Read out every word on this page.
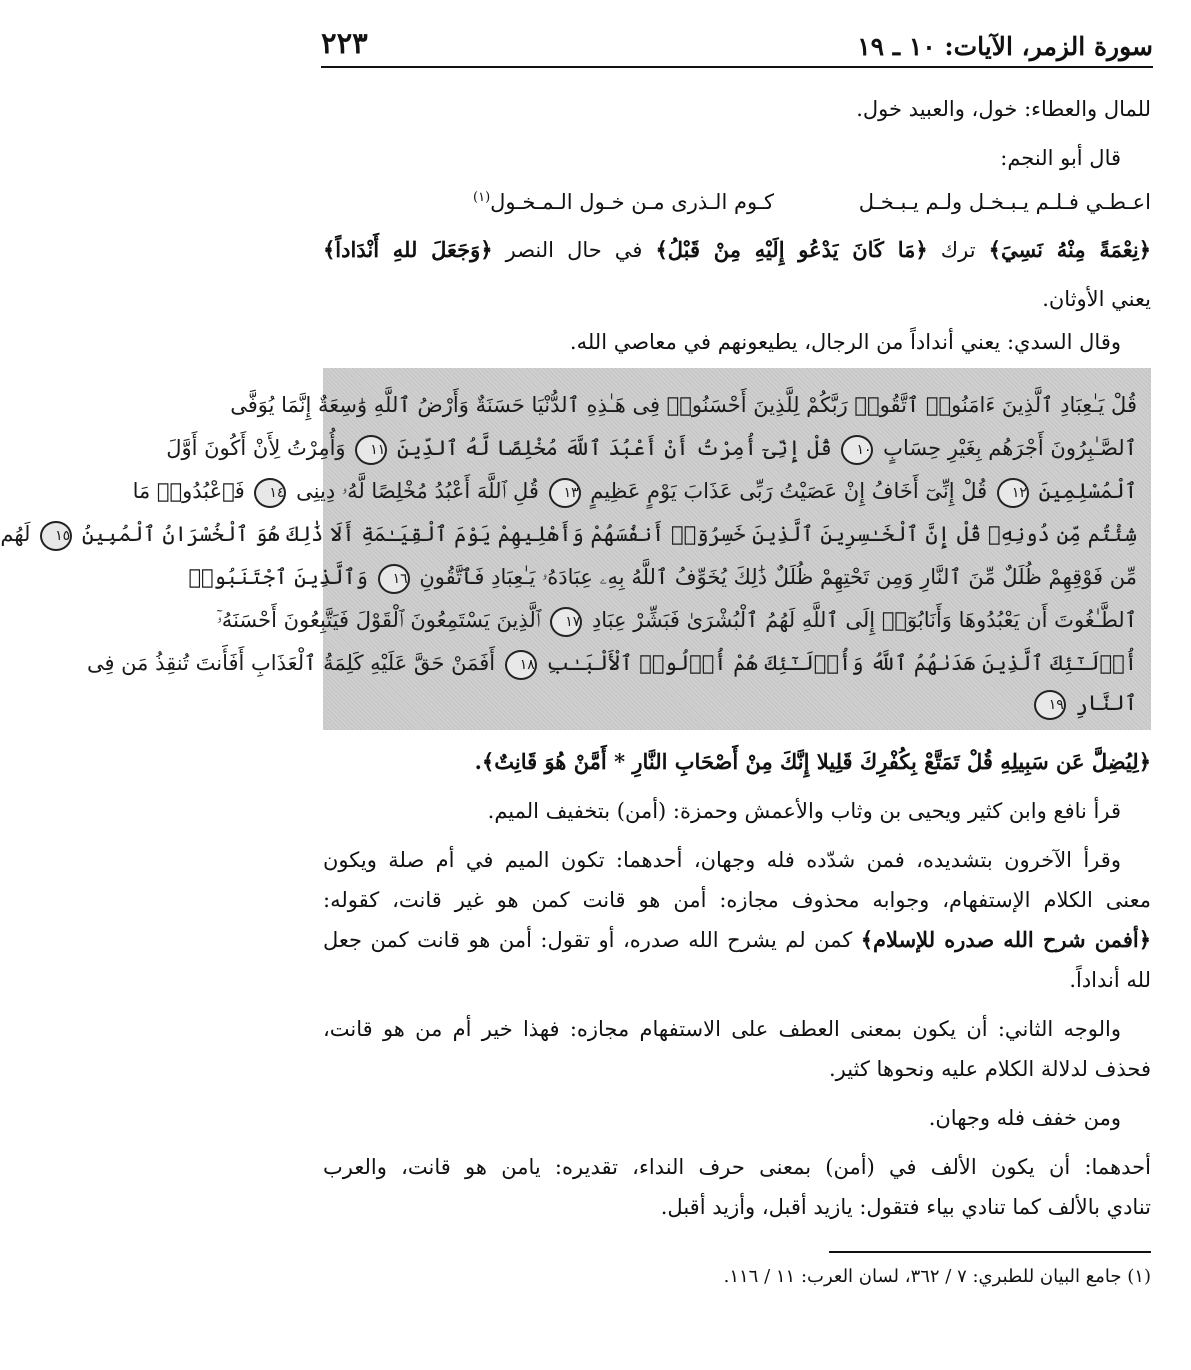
سورة الزمر، الآيات: ١٠ ـ ١٩
٢٢٣
للمال والعطاء: خول، والعبيد خول.
قال أبو النجم:
اعـطـي فـلـم يـبـخـل ولـم يـبـخـل
كـوم الـذرى مـن خـول الـمـخـول$^{(١)}$
﴿نِعْمَةً مِنْهُ نَسِيَ﴾ ترك ﴿مَا كَانَ يَدْعُو إِلَيْهِ مِنْ قَبْلُ﴾ في حال النصر ﴿وَجَعَلَ للهِ أَنْدَاداً﴾
يعني الأوثان.
وقال السدي: يعني أنداداً من الرجال، يطيعونهم في معاصي الله.
قُلْ يَـٰعِبَادِ ٱلَّذِينَ ءَامَنُوا۟ ٱتَّقُوا۟ رَبَّكُمْ لِلَّذِينَ أَحْسَنُوا۟ فِى هَـٰذِهِ ٱلدُّنْيَا حَسَنَةٌ وَأَرْضُ ٱللَّهِ وَٰسِعَةٌ إِنَّمَا يُوَفَّى
ٱلصَّـٰبِرُونَ أَجْرَهُم بِغَيْرِ حِسَابٍ ١٠ قُلْ إِنِّىٓ أُمِرْتُ أَنْ أَعْبُدَ ٱللَّهَ مُخْلِصًا لَّهُ ٱلدِّينَ ١١ وَأُمِرْتُ لِأَنْ أَكُونَ أَوَّلَ
ٱلْمُسْلِمِينَ ١٢ قُلْ إِنِّىٓ أَخَافُ إِنْ عَصَيْتُ رَبِّى عَذَابَ يَوْمٍ عَظِيمٍ ١٣ قُلِ ٱللَّهَ أَعْبُدُ مُخْلِصًا لَّهُۥ دِينِى ١٤ فَٱعْبُدُوا۟ مَا
شِئْتُم مِّن دُونِهِۦ قُلْ إِنَّ ٱلْخَـٰسِرِينَ ٱلَّذِينَ خَسِرُوٓا۟ أَنفُسَهُمْ وَأَهْلِيهِمْ يَوْمَ ٱلْقِيَـٰمَةِ أَلَا ذَٰلِكَ هُوَ ٱلْخُسْرَانُ ٱلْمُبِينُ ١٥ لَهُم
مِّن فَوْقِهِمْ ظُلَلٌ مِّنَ ٱلنَّارِ وَمِن تَحْتِهِمْ ظُلَلٌ ذَٰلِكَ يُخَوِّفُ ٱللَّهُ بِهِۦ عِبَادَهُۥ يَـٰعِبَادِ فَٱتَّقُونِ ١٦ وَٱلَّذِينَ ٱجْتَنَبُوا۟
ٱلطَّـٰغُوتَ أَن يَعْبُدُوهَا وَأَنَابُوٓا۟ إِلَى ٱللَّهِ لَهُمُ ٱلْبُشْرَىٰ فَبَشِّرْ عِبَادِ ١٧ ٱلَّذِينَ يَسْتَمِعُونَ ٱلْقَوْلَ فَيَتَّبِعُونَ أَحْسَنَهُۥٓ
أُو۟لَـٰٓئِكَ ٱلَّذِينَ هَدَىٰهُمُ ٱللَّهُ وَأُو۟لَـٰٓئِكَ هُمْ أُو۟لُوا۟ ٱلْأَلْبَـٰبِ ١٨ أَفَمَنْ حَقَّ عَلَيْهِ كَلِمَةُ ٱلْعَذَابِ أَفَأَنتَ تُنقِذُ مَن فِى
ٱلنَّارِ ١٩
﴿لِيُضِلَّ عَن سَبِيلِهِ قُلْ تَمَتَّعْ بِكُفْرِكَ قَلِيلا إِنَّكَ مِنْ أَصْحَابِ النَّارِ * أَمَّنْ هُوَ قَانِتٌ﴾.
قرأ نافع وابن كثير ويحيى بن وثاب والأعمش وحمزة: (أمن) بتخفيف الميم.
وقرأ الآخرون بتشديده، فمن شدّده فله وجهان، أحدهما: تكون الميم في أم صلة ويكون
معنى الكلام الإستفهام، وجوابه محذوف مجازه: أمن هو قانت كمن هو غير قانت، كقوله:
﴿أفمن شرح الله صدره للإسلام﴾ كمن لم يشرح الله صدره، أو تقول: أمن هو قانت كمن جعل
لله أنداداً.
والوجه الثاني: أن يكون بمعنى العطف على الاستفهام مجازه: فهذا خير أم من هو قانت،
فحذف لدلالة الكلام عليه ونحوها كثير.
ومن خفف فله وجهان.
أحدهما: أن يكون الألف في (أمن) بمعنى حرف النداء، تقديره: يامن هو قانت، والعرب
تنادي بالألف كما تنادي بياء فتقول: يازيد أقبل، وأزيد أقبل.
(١) جامع البيان للطبري: ٧ / ٣٦٢، لسان العرب: ١١ / ١١٦.
